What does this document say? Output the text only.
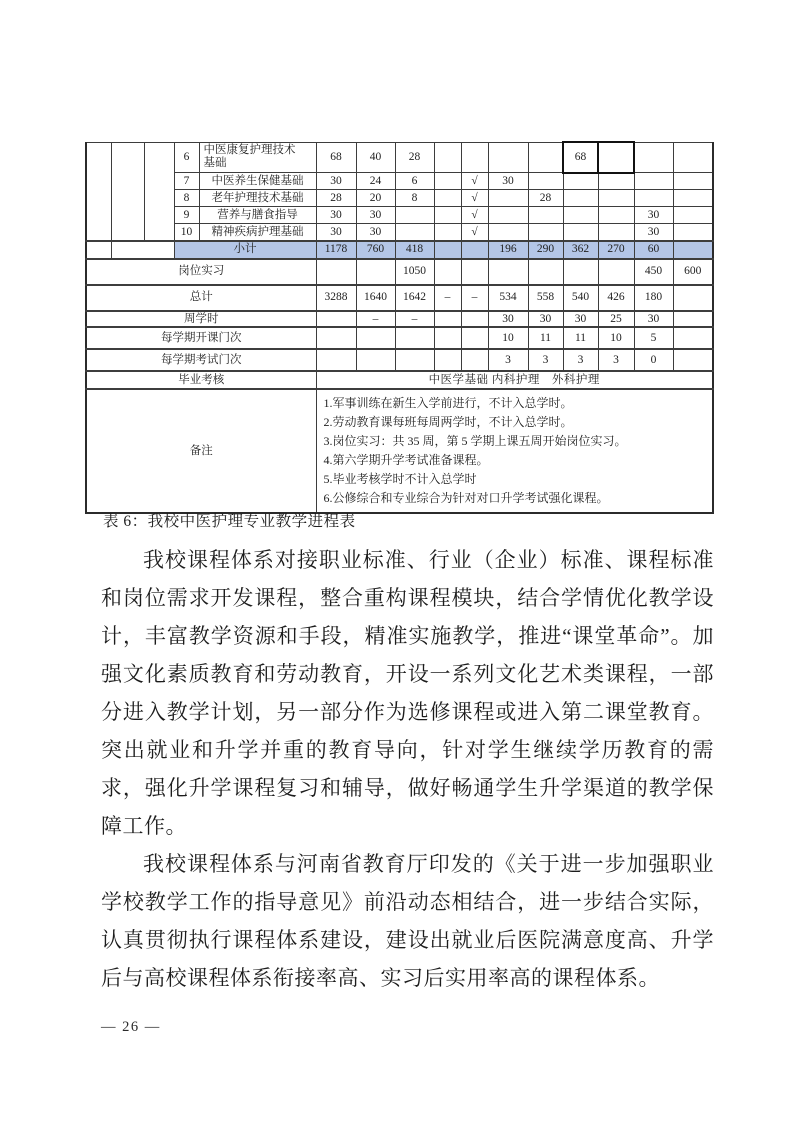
			6	中医康复护理技术基础	68	40	28					68			
			7	中医养生保健基础	30	24	6		√	30					
			8	老年护理技术基础	28	20	8		√		28				
			9	营养与膳食指导	30	30			√					30	
			10	精神疾病护理基础	30	30			√					30	
			小计		1178	760	418			196	290	362	270	60	
岗位实习							1050							450	600
总计					3288	1640	1642	–	–	534	558	540	426	180	
周学时						–	–			30	30	30	25	30	
每学期开课门次										10	11	11	10	5	
每学期考试门次										3	3	3	3	0	
毕业考核					中医学基础 内科护理　外科护理										
备注	
1.军事训练在新生入学前进行，不计入总学时。
2.劳动教育课每班每周两学时，不计入总学时。
3.岗位实习：共 35 周，第 5 学期上课五周开始岗位实习。
4.第六学期升学考试准备课程。
5.毕业考核学时不计入总学时
6.公修综合和专业综合为针对对口升学考试强化课程。
表 6：我校中医护理专业教学进程表

我校课程体系对接职业标准、行业（企业）标准、课程标准和岗位需求开发课程，整合重构课程模块，结合学情优化教学设计，丰富教学资源和手段，精准实施教学，推进“课堂革命”。加强文化素质教育和劳动教育，开设一系列文化艺术类课程，一部分进入教学计划，另一部分作为选修课程或进入第二课堂教育。突出就业和升学并重的教育导向，针对学生继续学历教育的需求，强化升学课程复习和辅导，做好畅通学生升学渠道的教学保障工作。

我校课程体系与河南省教育厅印发的《关于进一步加强职业学校教学工作的指导意见》前沿动态相结合，进一步结合实际，认真贯彻执行课程体系建设，建设出就业后医院满意度高、升学后与高校课程体系衔接率高、实习后实用率高的课程体系。

— 26 —
